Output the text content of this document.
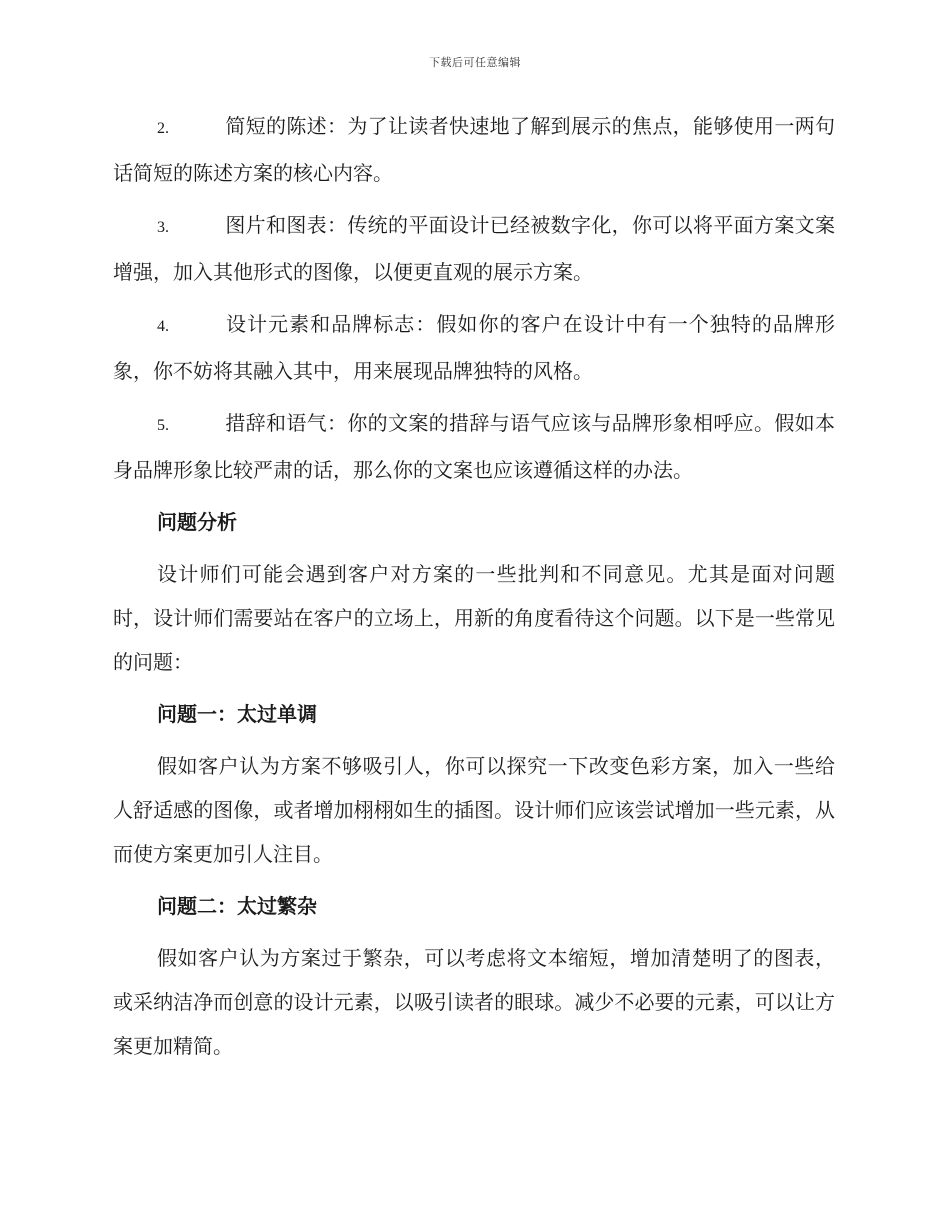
下载后可任意编辑

2.	简短的陈述：为了让读者快速地了解到展示的焦点，能够使用一两句话简短的陈述方案的核心内容。

3.	图片和图表：传统的平面设计已经被数字化，你可以将平面方案文案增强，加入其他形式的图像，以便更直观的展示方案。

4.	设计元素和品牌标志：假如你的客户在设计中有一个独特的品牌形象，你不妨将其融入其中，用来展现品牌独特的风格。

5.	措辞和语气：你的文案的措辞与语气应该与品牌形象相呼应。假如本身品牌形象比较严肃的话，那么你的文案也应该遵循这样的办法。

问题分析

设计师们可能会遇到客户对方案的一些批判和不同意见。尤其是面对问题时，设计师们需要站在客户的立场上，用新的角度看待这个问题。以下是一些常见的问题：

问题一：太过单调

假如客户认为方案不够吸引人，你可以探究一下改变色彩方案，加入一些给人舒适感的图像，或者增加栩栩如生的插图。设计师们应该尝试增加一些元素，从而使方案更加引人注目。

问题二：太过繁杂

假如客户认为方案过于繁杂，可以考虑将文本缩短，增加清楚明了的图表，或采纳洁净而创意的设计元素，以吸引读者的眼球。减少不必要的元素，可以让方案更加精简。
